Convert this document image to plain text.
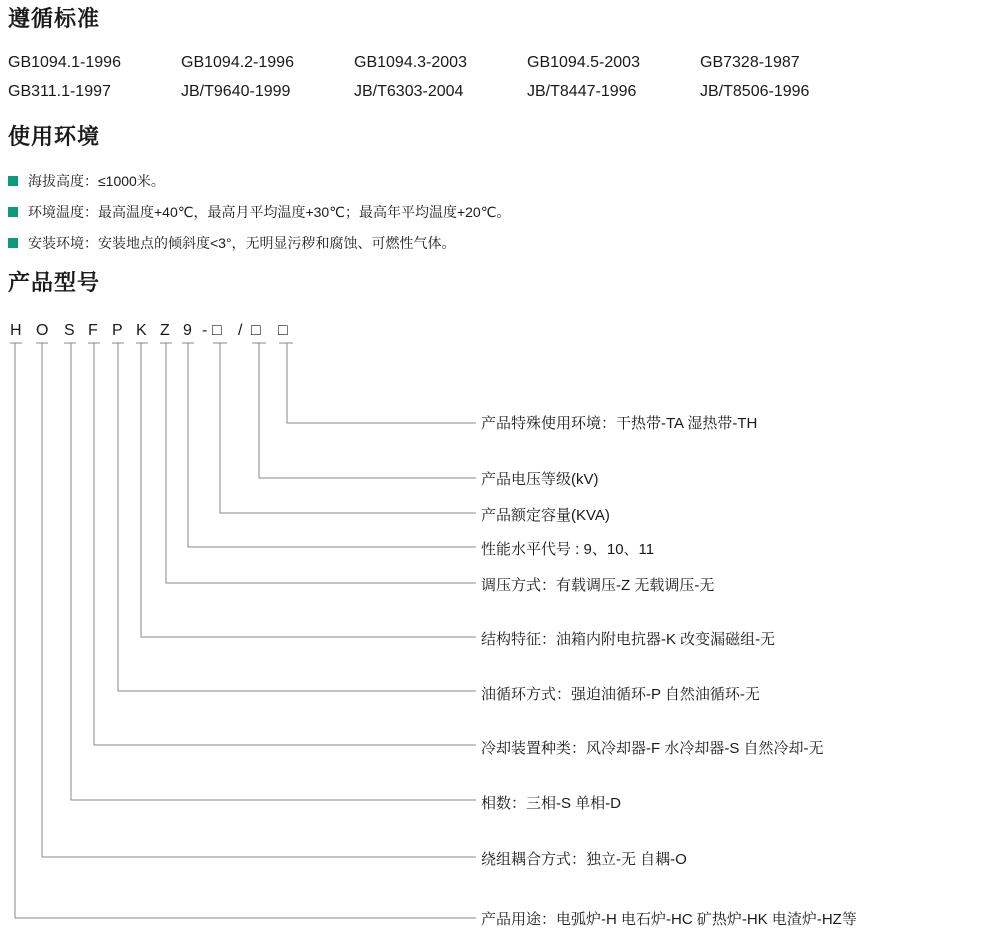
遵循标准
GB1094.1-1996	GB1094.2-1996	GB1094.3-2003	GB1094.5-2003	GB7328-1987
GB311.1-1997	JB/T9640-1999	JB/T6303-2004	JB/T8447-1996	JB/T8506-1996
使用环境
海拔高度：≤1000米。
环境温度：最高温度+40℃，最高月平均温度+30℃；最高年平均温度+20℃。
安装环境：安装地点的倾斜度<3°，无明显污秽和腐蚀、可燃性气体。
产品型号
H O S F P K Z 9 - □ / □ □
产品特殊使用环境：干热带-TA 湿热带-TH
产品电压等级(kV)
产品额定容量(KVA)
性能水平代号 : 9、10、11
调压方式：有载调压-Z 无载调压-无
结构特征：油箱内附电抗器-K 改变漏磁组-无
油循环方式：强迫油循环-P 自然油循环-无
冷却装置种类：风冷却器-F 水冷却器-S 自然冷却-无
相数：三相-S 单相-D
绕组耦合方式：独立-无 自耦-O
产品用途：电弧炉-H 电石炉-HC 矿热炉-HK 电渣炉-HZ等
